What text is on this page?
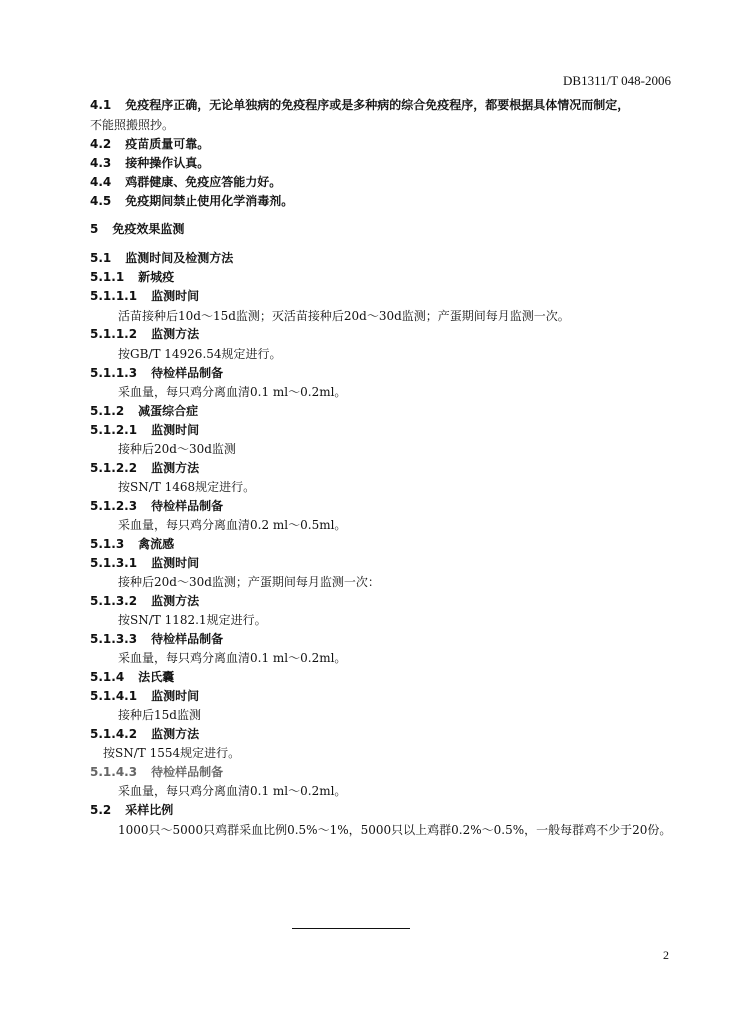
DB1311/T 048-2006
4.1 免疫程序正确，无论单独病的免疫程序或是多种病的综合免疫程序，都要根据具体情况而制定，
不能照搬照抄。
4.2 疫苗质量可靠。
4.3 接种操作认真。
4.4 鸡群健康、免疫应答能力好。
4.5 免疫期间禁止使用化学消毒剂。
5 免疫效果监测
5.1 监测时间及检测方法
5.1.1 新城疫
5.1.1.1 监测时间
活苗接种后10d～15d监测；灭活苗接种后20d～30d监测；产蛋期间每月监测一次。
5.1.1.2 监测方法
按GB/T 14926.54规定进行。
5.1.1.3 待检样品制备
采血量，每只鸡分离血清0.1 ml～0.2ml。
5.1.2 减蛋综合症
5.1.2.1 监测时间
接种后20d～30d监测
5.1.2.2 监测方法
按SN/T 1468规定进行。
5.1.2.3 待检样品制备
采血量，每只鸡分离血清0.2 ml～0.5ml。
5.1.3 禽流感
5.1.3.1 监测时间
接种后20d～30d监测；产蛋期间每月监测一次：
5.1.3.2 监测方法
按SN/T 1182.1规定进行。
5.1.3.3 待检样品制备
采血量，每只鸡分离血清0.1 ml～0.2ml。
5.1.4 法氏囊
5.1.4.1 监测时间
接种后15d监测
5.1.4.2 监测方法
按SN/T 1554规定进行。
5.1.4.3 待检样品制备
采血量，每只鸡分离血清0.1 ml～0.2ml。
5.2 采样比例
1000只～5000只鸡群采血比例0.5%～1%，5000只以上鸡群0.2%～0.5%，一般每群鸡不少于20份。
2
